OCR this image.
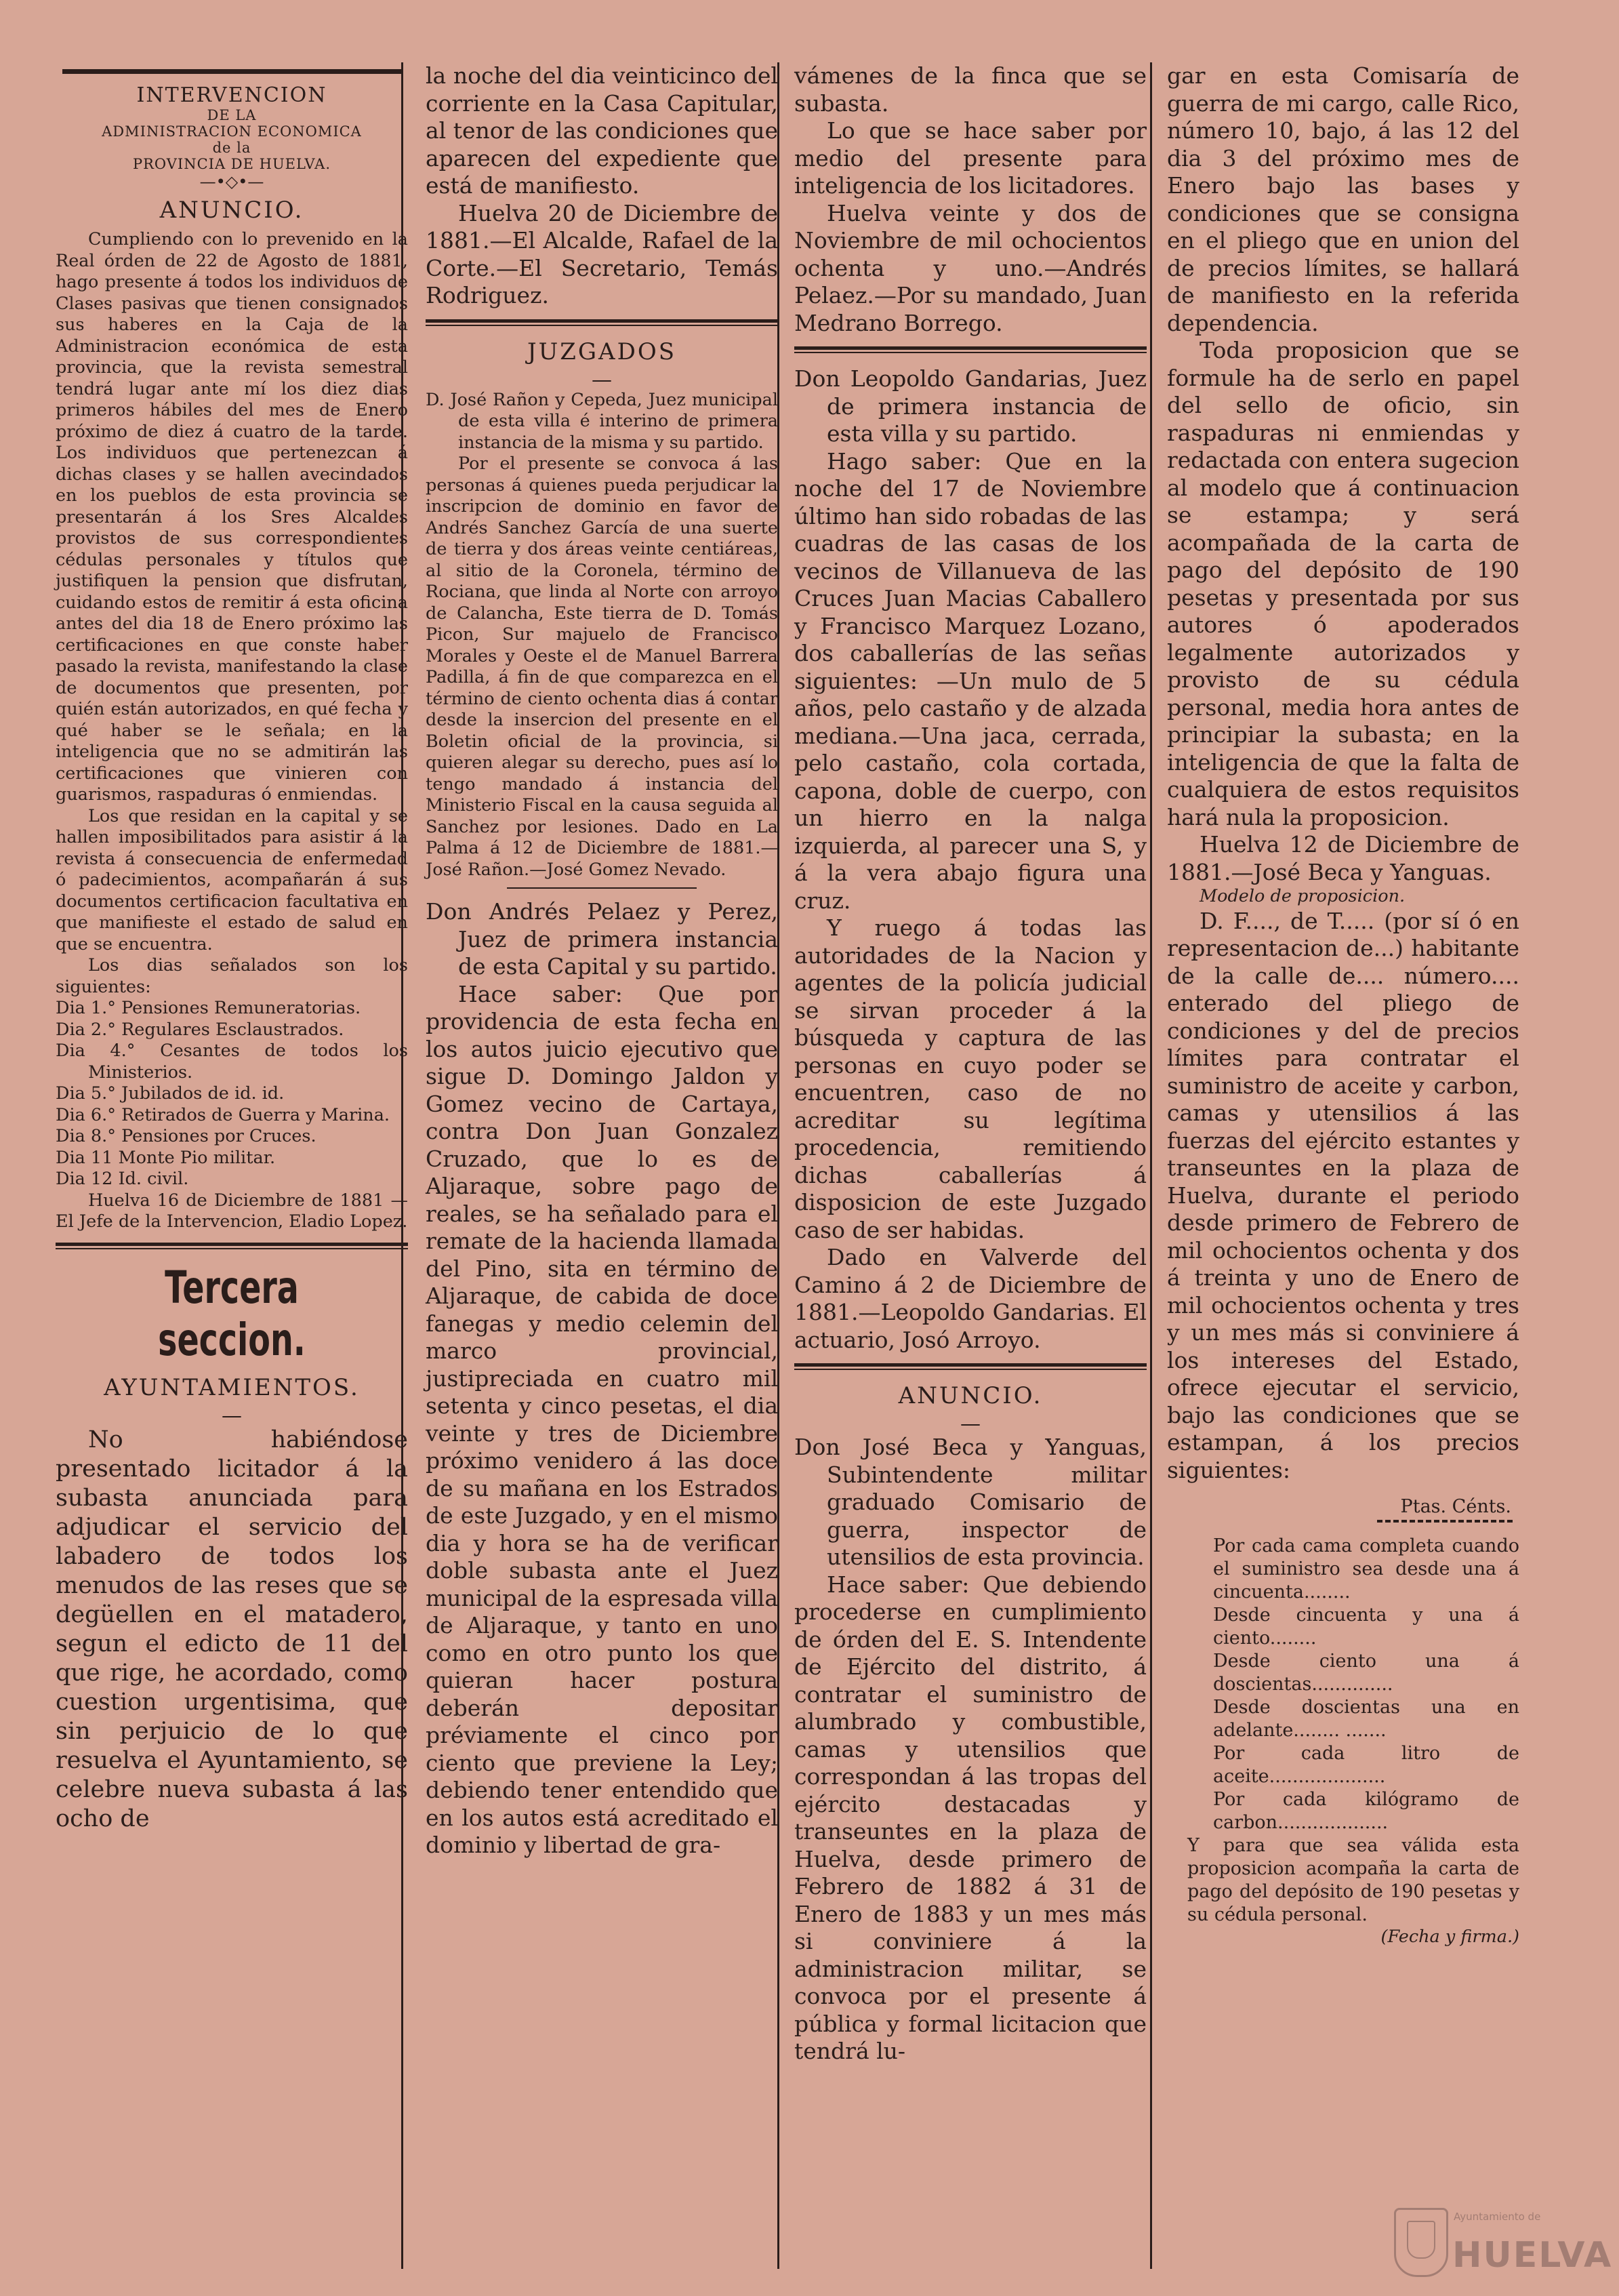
INTERVENCION
DE LA
ADMINISTRACION ECONOMICA
de la
PROVINCIA DE HUELVA.
—•◇•—
ANUNCIO.

Cumpliendo con lo prevenido en la Real órden de 22 de Agosto de 1881, hago presente á todos los individuos de Clases pasivas que tienen consignados sus haberes en la Caja de la Administracion económica de esta provincia, que la revista semestral tendrá lugar ante mí los diez dias primeros hábiles del mes de Enero próximo de diez á cuatro de la tarde. Los individuos que pertenezcan á dichas clases y se hallen avecindados en los pueblos de esta provincia se presentarán á los Sres Alcaldes provistos de sus correspondientes cédulas personales y títulos que justifiquen la pension que disfrutan, cuidando estos de remitir á esta oficina antes del dia 18 de Enero próximo las certificaciones en que conste haber pasado la revista, manifestando la clase de documentos que presenten, por quién están autorizados, en qué fecha y qué haber se le señala; en la inteligencia que no se admitirán las certificaciones que vinieren con guarismos, raspaduras ó enmiendas.

Los que residan en la capital y se hallen imposibilitados para asistir á la revista á consecuencia de enfermedad ó padecimientos, acompañarán á sus documentos certificacion facultativa en que manifieste el estado de salud en que se encuentra.

Los dias señalados son los siguientes:

Dia 1.° Pensiones Remuneratorias.

Dia 2.° Regulares Esclaustrados.

Dia 4.° Cesantes de todos los Ministerios.

Dia 5.° Jubilados de id. id.

Dia 6.° Retirados de Guerra y Marina.

Dia 8.° Pensiones por Cruces.

Dia 11 Monte Pio militar.

Dia 12 Id. civil.

Huelva 16 de Diciembre de 1881 —El Jefe de la Intervencion, Eladio Lopez.

Tercera seccion.
AYUNTAMIENTOS.
—

No habiéndose presentado licitador á la subasta anunciada para adjudicar el servicio del labadero de todos los menudos de las reses que se degüellen en el matadero, segun el edicto de 11 del que rige, he acordado, como cuestion urgentisima, que sin perjuicio de lo que resuelva el Ayuntamiento, se celebre nueva subasta á las ocho de

la noche del dia veinticinco del corriente en la Casa Capitular, al tenor de las condiciones que aparecen del expediente que está de manifiesto.

Huelva 20 de Diciembre de 1881.—El Alcalde, Rafael de la Corte.—El Secretario, Temás Rodriguez.

JUZGADOS
—

D. José Rañon y Cepeda, Juez municipal de esta villa é interino de primera instancia de la misma y su partido.

Por el presente se convoca á las personas á quienes pueda perjudicar la inscripcion de dominio en favor de Andrés Sanchez García de una suerte de tierra y dos áreas veinte centiáreas, al sitio de la Coronela, término de Rociana, que linda al Norte con arroyo de Calancha, Este tierra de D. Tomás Picon, Sur majuelo de Francisco Morales y Oeste el de Manuel Barrera Padilla, á fin de que comparezca en el término de ciento ochenta dias á contar desde la insercion del presente en el Boletin oficial de la provincia, si quieren alegar su derecho, pues así lo tengo mandado á instancia del Ministerio Fiscal en la causa seguida al Sanchez por lesiones. Dado en La Palma á 12 de Diciembre de 1881.—José Rañon.—José Gomez Nevado.

Don Andrés Pelaez y Perez, Juez de primera instancia de esta Capital y su partido.

Hace saber: Que por providencia de esta fecha en los autos juicio ejecutivo que sigue D. Domingo Jaldon y Gomez vecino de Cartaya, contra Don Juan Gonzalez Cruzado, que lo es de Aljaraque, sobre pago de reales, se ha señalado para el remate de la hacienda llamada del Pino, sita en término de Aljaraque, de cabida de doce fanegas y medio celemin del marco provincial, justipreciada en cuatro mil setenta y cinco pesetas, el dia veinte y tres de Diciembre próximo venidero á las doce de su mañana en los Estrados de este Juzgado, y en el mismo dia y hora se ha de verificar doble subasta ante el Juez municipal de la espresada villa de Aljaraque, y tanto en uno como en otro punto los que quieran hacer postura deberán depositar préviamente el cinco por ciento que previene la Ley; debiendo tener entendido que en los autos está acreditado el dominio y libertad de gra-

vámenes de la finca que se subasta.

Lo que se hace saber por medio del presente para inteligencia de los licitadores.

Huelva veinte y dos de Noviembre de mil ochocientos ochenta y uno.—Andrés Pelaez.—Por su mandado, Juan Medrano Borrego.

Don Leopoldo Gandarias, Juez de primera instancia de esta villa y su partido.

Hago saber: Que en la noche del 17 de Noviembre último han sido robadas de las cuadras de las casas de los vecinos de Villanueva de las Cruces Juan Macias Caballero y Francisco Marquez Lozano, dos caballerías de las señas siguientes: —Un mulo de 5 años, pelo castaño y de alzada mediana.—Una jaca, cerrada, pelo castaño, cola cortada, capona, doble de cuerpo, con un hierro en la nalga izquierda, al parecer una S, y á la vera abajo figura una cruz.

Y ruego á todas las autoridades de la Nacion y agentes de la policía judicial se sirvan proceder á la búsqueda y captura de las personas en cuyo poder se encuentren, caso de no acreditar su legítima procedencia, remitiendo dichas caballerías á disposicion de este Juzgado caso de ser habidas.

Dado en Valverde del Camino á 2 de Diciembre de 1881.—Leopoldo Gandarias. El actuario, Josó Arroyo.

ANUNCIO.
—

Don José Beca y Yanguas, Subintendente militar graduado Comisario de guerra, inspector de utensilios de esta provincia.

Hace saber: Que debiendo procederse en cumplimiento de órden del E. S. Intendente de Ejército del distrito, á contratar el suministro de alumbrado y combustible, camas y utensilios que correspondan á las tropas del ejército destacadas y transeuntes en la plaza de Huelva, desde primero de Febrero de 1882 á 31 de Enero de 1883 y un mes más si conviniere á la administracion militar, se convoca por el presente á pública y formal licitacion que tendrá lu-

gar en esta Comisaría de guerra de mi cargo, calle Rico, número 10, bajo, á las 12 del dia 3 del próximo mes de Enero bajo las bases y condiciones que se consigna en el pliego que en union del de precios límites, se hallará de manifiesto en la referida dependencia.

Toda proposicion que se formule ha de serlo en papel del sello de oficio, sin raspaduras ni enmiendas y redactada con entera sugecion al modelo que á continuacion se estampa; y será acompañada de la carta de pago del depósito de 190 pesetas y presentada por sus autores ó apoderados legalmente autorizados y provisto de su cédula personal, media hora antes de principiar la subasta; en la inteligencia de que la falta de cualquiera de estos requisitos hará nula la proposicion.

Huelva 12 de Diciembre de 1881.—José Beca y Yanguas.

Modelo de proposicion.

D. F...., de T..... (por sí ó en representacion de...) habitante de la calle de.... número.... enterado del pliego de condiciones y del de precios límites para contratar el suministro de aceite y carbon, camas y utensilios á las fuerzas del ejército estantes y transeuntes en la plaza de Huelva, durante el periodo desde primero de Febrero de mil ochocientos ochenta y dos á treinta y uno de Enero de mil ochocientos ochenta y tres y un mes más si conviniere á los intereses del Estado, ofrece ejecutar el servicio, bajo las condiciones que se estampan, á los precios siguientes:

Ptas. Cénts.

Por cada cama completa cuando el suministro sea desde una á cincuenta........

Desde cincuenta y una á ciento........

Desde ciento una á doscientas..............

Desde doscientas una en adelante........ .......

Por cada litro de aceite....................

Por cada kilógramo de carbon...................

Y para que sea válida esta proposicion acompaña la carta de pago del depósito de 190 pesetas y su cédula personal.

(Fecha y firma.)

Ayuntamiento de
HUELVA
